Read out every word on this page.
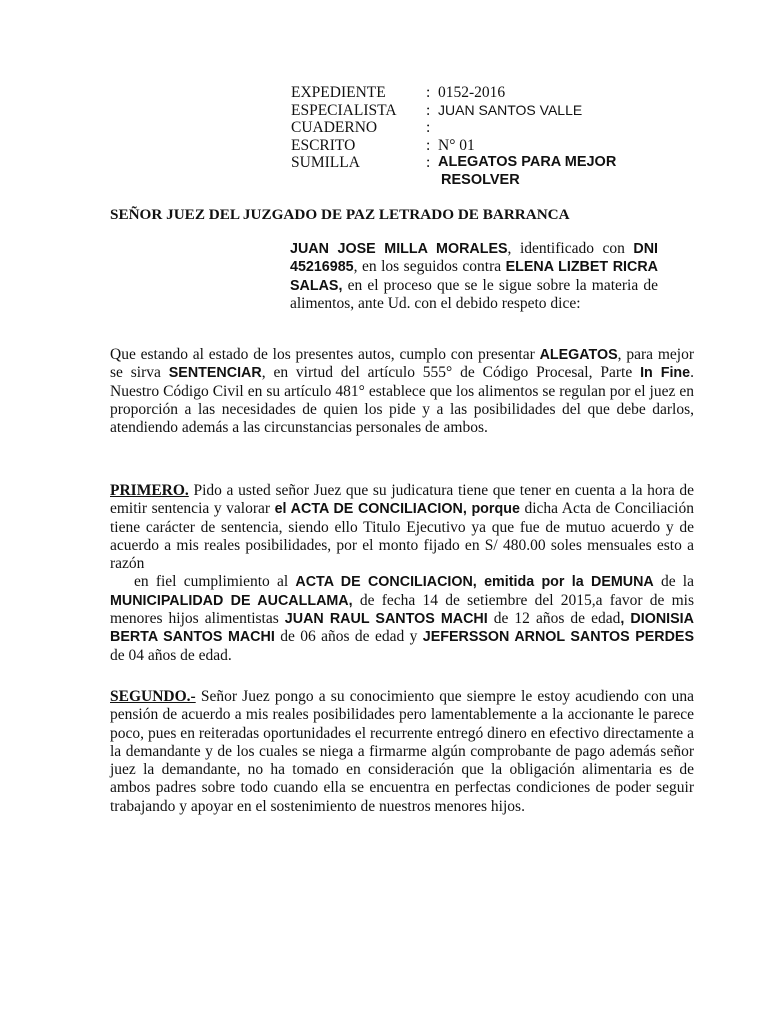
EXPEDIENTE	: 0152-2016
ESPECIALISTA	: JUAN SANTOS VALLE
CUADERNO	:
ESCRITO	: N° 01
SUMILLA	: ALEGATOS PARA MEJOR
RESOLVER
SEÑOR JUEZ DEL JUZGADO DE PAZ LETRADO DE BARRANCA
JUAN JOSE MILLA MORALES, identificado con DNI 45216985, en los seguidos contra ELENA LIZBET RICRA SALAS, en el proceso que se le sigue sobre la materia de alimentos, ante Ud. con el debido respeto dice:
Que estando al estado de los presentes autos, cumplo con presentar ALEGATOS, para mejor se sirva SENTENCIAR, en virtud del artículo 555° de Código Procesal, Parte In Fine. Nuestro Código Civil en su artículo 481° establece que los alimentos se regulan por el juez en proporción a las necesidades de quien los pide y a las posibilidades del que debe darlos, atendiendo además a las circunstancias personales de ambos.
PRIMERO. Pido a usted señor Juez que su judicatura tiene que tener en cuenta a la hora de emitir sentencia y valorar el ACTA DE CONCILIACION, porque dicha Acta de Conciliación tiene carácter de sentencia, siendo ello Titulo Ejecutivo ya que fue de mutuo acuerdo y de acuerdo a mis reales posibilidades, por el monto fijado en S/ 480.00 soles mensuales esto a razón
en fiel cumplimiento al ACTA DE CONCILIACION, emitida por la DEMUNA de la MUNICIPALIDAD DE AUCALLAMA, de fecha 14 de setiembre del 2015,a favor de mis menores hijos alimentistas JUAN RAUL SANTOS MACHI de 12 años de edad, DIONISIA BERTA SANTOS MACHI de 06 años de edad y JEFERSSON ARNOL SANTOS PERDES de 04 años de edad.
SEGUNDO.- Señor Juez pongo a su conocimiento que siempre le estoy acudiendo con una pensión de acuerdo a mis reales posibilidades pero lamentablemente a la accionante le parece poco, pues en reiteradas oportunidades el recurrente entregó dinero en efectivo directamente a la demandante y de los cuales se niega a firmarme algún comprobante de pago además señor juez la demandante, no ha tomado en consideración que la obligación alimentaria es de ambos padres sobre todo cuando ella se encuentra en perfectas condiciones de poder seguir trabajando y apoyar en el sostenimiento de nuestros menores hijos.
